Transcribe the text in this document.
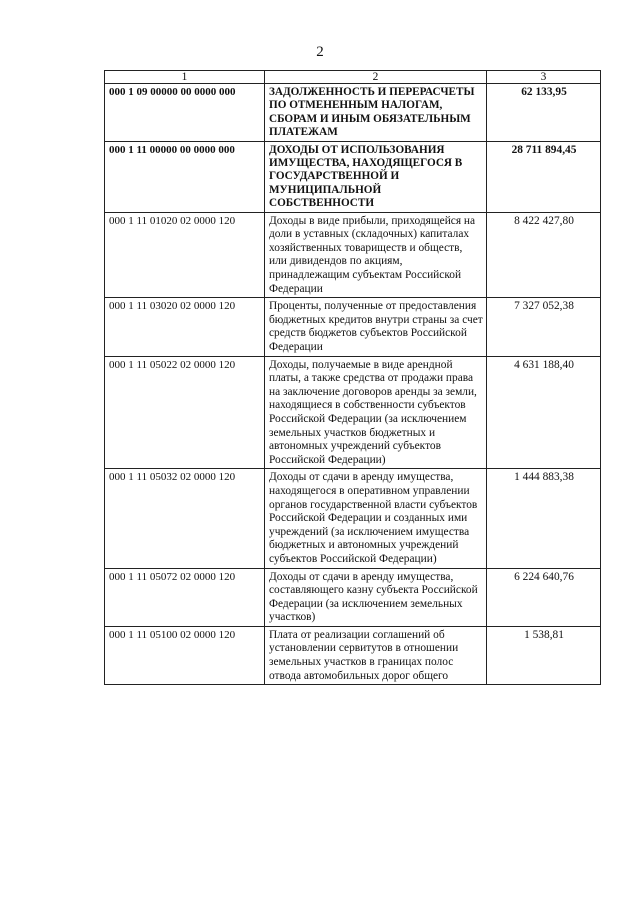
2
1	2	3
000 1 09 00000 00 0000 000	ЗАДОЛЖЕННОСТЬ И ПЕРЕРАСЧЕТЫ ПО ОТМЕНЕННЫМ НАЛОГАМ, СБОРАМ И ИНЫМ ОБЯЗАТЕЛЬНЫМ ПЛАТЕЖАМ	62 133,95
000 1 11 00000 00 0000 000	ДОХОДЫ ОТ ИСПОЛЬЗОВАНИЯ ИМУЩЕСТВА, НАХОДЯЩЕГОСЯ В ГОСУДАРСТВЕННОЙ И МУНИЦИПАЛЬНОЙ СОБСТВЕННОСТИ	28 711 894,45
000 1 11 01020 02 0000 120	Доходы в виде прибыли, приходящейся на доли в уставных (складочных) капиталах хозяйственных товариществ и обществ, или дивидендов по акциям, принадлежащим субъектам Российской Федерации	8 422 427,80
000 1 11 03020 02 0000 120	Проценты, полученные от предоставления бюджетных кредитов внутри страны за счет средств бюджетов субъектов Российской Федерации	7 327 052,38
000 1 11 05022 02 0000 120	Доходы, получаемые в виде арендной платы, а также средства от продажи права на заключение договоров аренды за земли, находящиеся в собственности субъектов Российской Федерации (за исключением земельных участков бюджетных и автономных учреждений субъектов Российской Федерации)	4 631 188,40
000 1 11 05032 02 0000 120	Доходы от сдачи в аренду имущества, находящегося в оперативном управлении органов государственной власти субъектов Российской Федерации и созданных ими учреждений (за исключением имущества бюджетных и автономных учреждений субъектов Российской Федерации)	1 444 883,38
000 1 11 05072 02 0000 120	Доходы от сдачи в аренду имущества, составляющего казну субъекта Российской Федерации (за исключением земельных участков)	6 224 640,76
000 1 11 05100 02 0000 120	Плата от реализации соглашений об установлении сервитутов в отношении земельных участков в границах полос отвода автомобильных дорог общего	1 538,81
